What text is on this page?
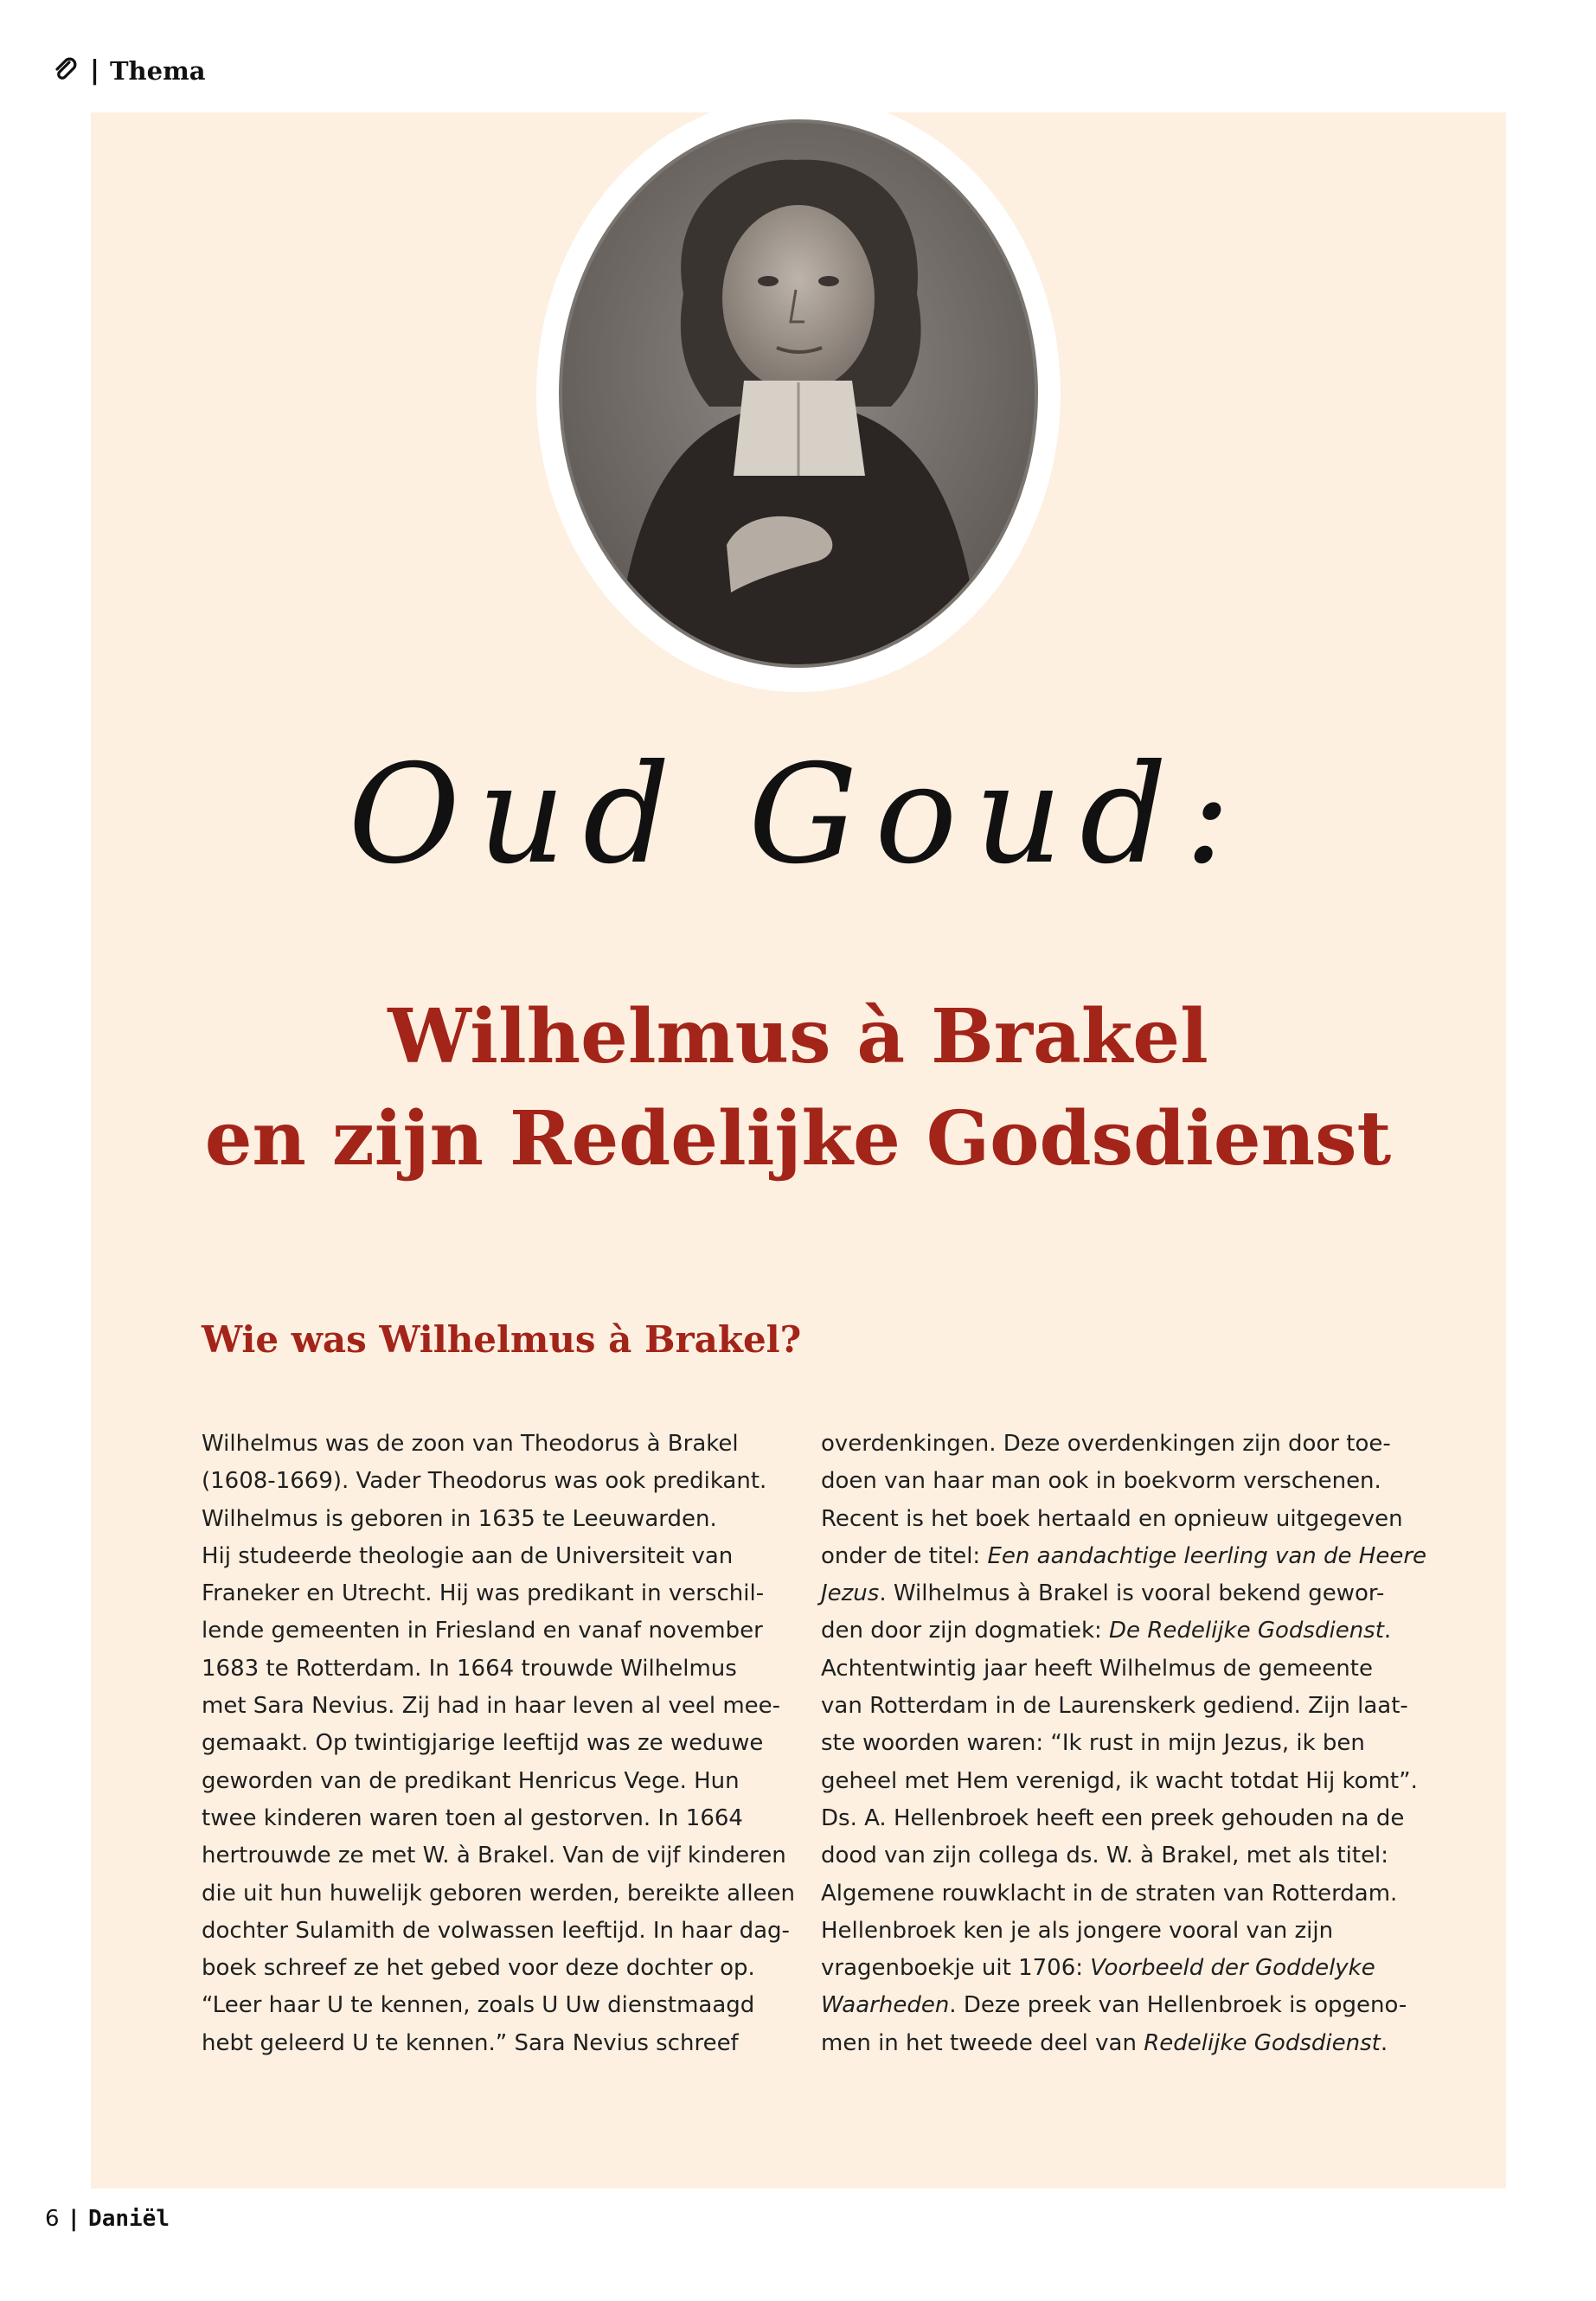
| Thema
Oud Goud:
Wilhelmus à Brakel
en zijn Redelijke Godsdienst
Wie was Wilhelmus à Brakel?
Wilhelmus was de zoon van Theodorus à Brakel
(1608-1669). Vader Theodorus was ook predikant.
Wilhelmus is geboren in 1635 te Leeuwarden.
Hij studeerde theologie aan de Universiteit van
Franeker en Utrecht. Hij was predikant in verschil-
lende gemeenten in Friesland en vanaf november
1683 te Rotterdam. In 1664 trouwde Wilhelmus
met Sara Nevius. Zij had in haar leven al veel mee-
gemaakt. Op twintigjarige leeftijd was ze weduwe
geworden van de predikant Henricus Vege. Hun
twee kinderen waren toen al gestorven. In 1664
hertrouwde ze met W. à Brakel. Van de vijf kinderen
die uit hun huwelijk geboren werden, bereikte alleen
dochter Sulamith de volwassen leeftijd. In haar dag-
boek schreef ze het gebed voor deze dochter op.
“Leer haar U te kennen, zoals U Uw dienstmaagd
hebt geleerd U te kennen.” Sara Nevius schreef
overdenkingen. Deze overdenkingen zijn door toe-
doen van haar man ook in boekvorm verschenen.
Recent is het boek hertaald en opnieuw uitgegeven
onder de titel: Een aandachtige leerling van de Heere
Jezus. Wilhelmus à Brakel is vooral bekend gewor-
den door zijn dogmatiek: De Redelijke Godsdienst.
Achtentwintig jaar heeft Wilhelmus de gemeente
van Rotterdam in de Laurenskerk gediend. Zijn laat-
ste woorden waren: “Ik rust in mijn Jezus, ik ben
geheel met Hem verenigd, ik wacht totdat Hij komt”.
Ds. A. Hellenbroek heeft een preek gehouden na de
dood van zijn collega ds. W. à Brakel, met als titel:
Algemene rouwklacht in de straten van Rotterdam.
Hellenbroek ken je als jongere vooral van zijn
vragenboekje uit 1706: Voorbeeld der Goddelyke
Waarheden. Deze preek van Hellenbroek is opgeno-
men in het tweede deel van Redelijke Godsdienst.
6 | Daniël
